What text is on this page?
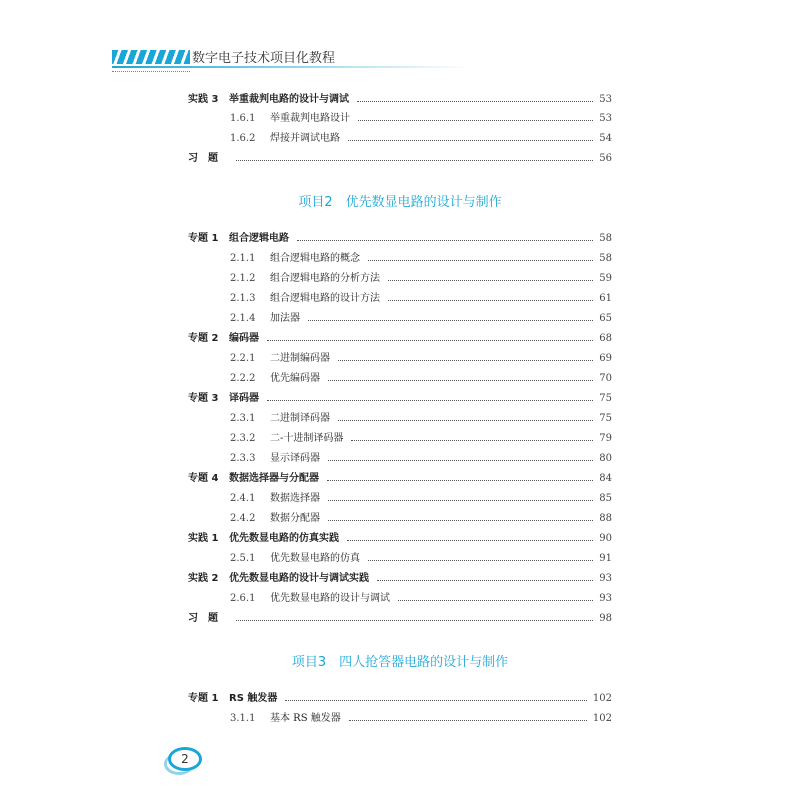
数字电子技术项目化教程
实践 3	举重裁判电路的设计与调试	53
1.6.1 举重裁判电路设计	53
1.6.2 焊接并调试电路	54
习　题	56
项目2　优先数显电路的设计与制作
专题 1	组合逻辑电路	58
2.1.1 组合逻辑电路的概念	58
2.1.2 组合逻辑电路的分析方法	59
2.1.3 组合逻辑电路的设计方法	61
2.1.4 加法器	65
专题 2	编码器	68
2.2.1 二进制编码器	69
2.2.2 优先编码器	70
专题 3	译码器	75
2.3.1 二进制译码器	75
2.3.2 二-十进制译码器	79
2.3.3 显示译码器	80
专题 4	数据选择器与分配器	84
2.4.1 数据选择器	85
2.4.2 数据分配器	88
实践 1	优先数显电路的仿真实践	90
2.5.1 优先数显电路的仿真	91
实践 2	优先数显电路的设计与调试实践	93
2.6.1 优先数显电路的设计与调试	93
习　题	98
项目3　四人抢答器电路的设计与制作
专题 1	RS 触发器	102
3.1.1 基本 RS 触发器	102
2
